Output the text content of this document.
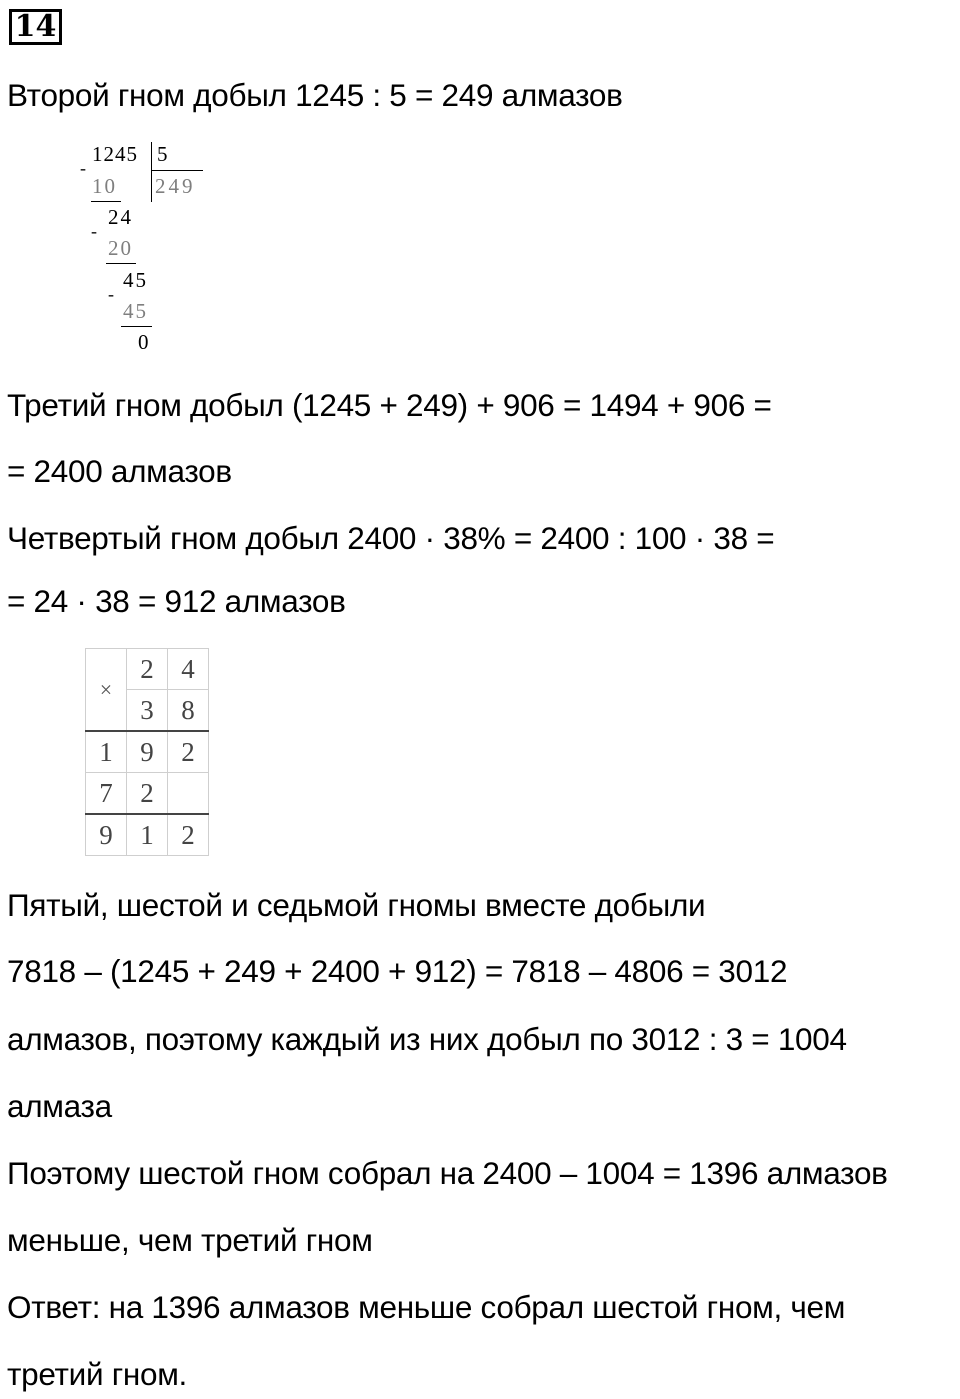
14
Второй гном добыл 1245 : 5 = 249 алмазов
1245 5
249
-
10
24
-
20
45
-
45
0
Третий гном добыл (1245 + 249) + 906 = 1494 + 906 =
= 2400 алмазов
Четвертый гном добыл 2400 · 38% = 2400 : 100 · 38 =
= 24 · 38 = 912 алмазов
×	2	4
	3	8
1	9	2
7	2	
9	1	2
Пятый, шестой и седьмой гномы вместе добыли
7818 – (1245 + 249 + 2400 + 912) = 7818 – 4806 = 3012
алмазов, поэтому каждый из них добыл по 3012 : 3 = 1004
алмаза
Поэтому шестой гном собрал на 2400 – 1004 = 1396 алмазов
меньше, чем третий гном
Ответ: на 1396 алмазов меньше собрал шестой гном, чем
третий гном.
